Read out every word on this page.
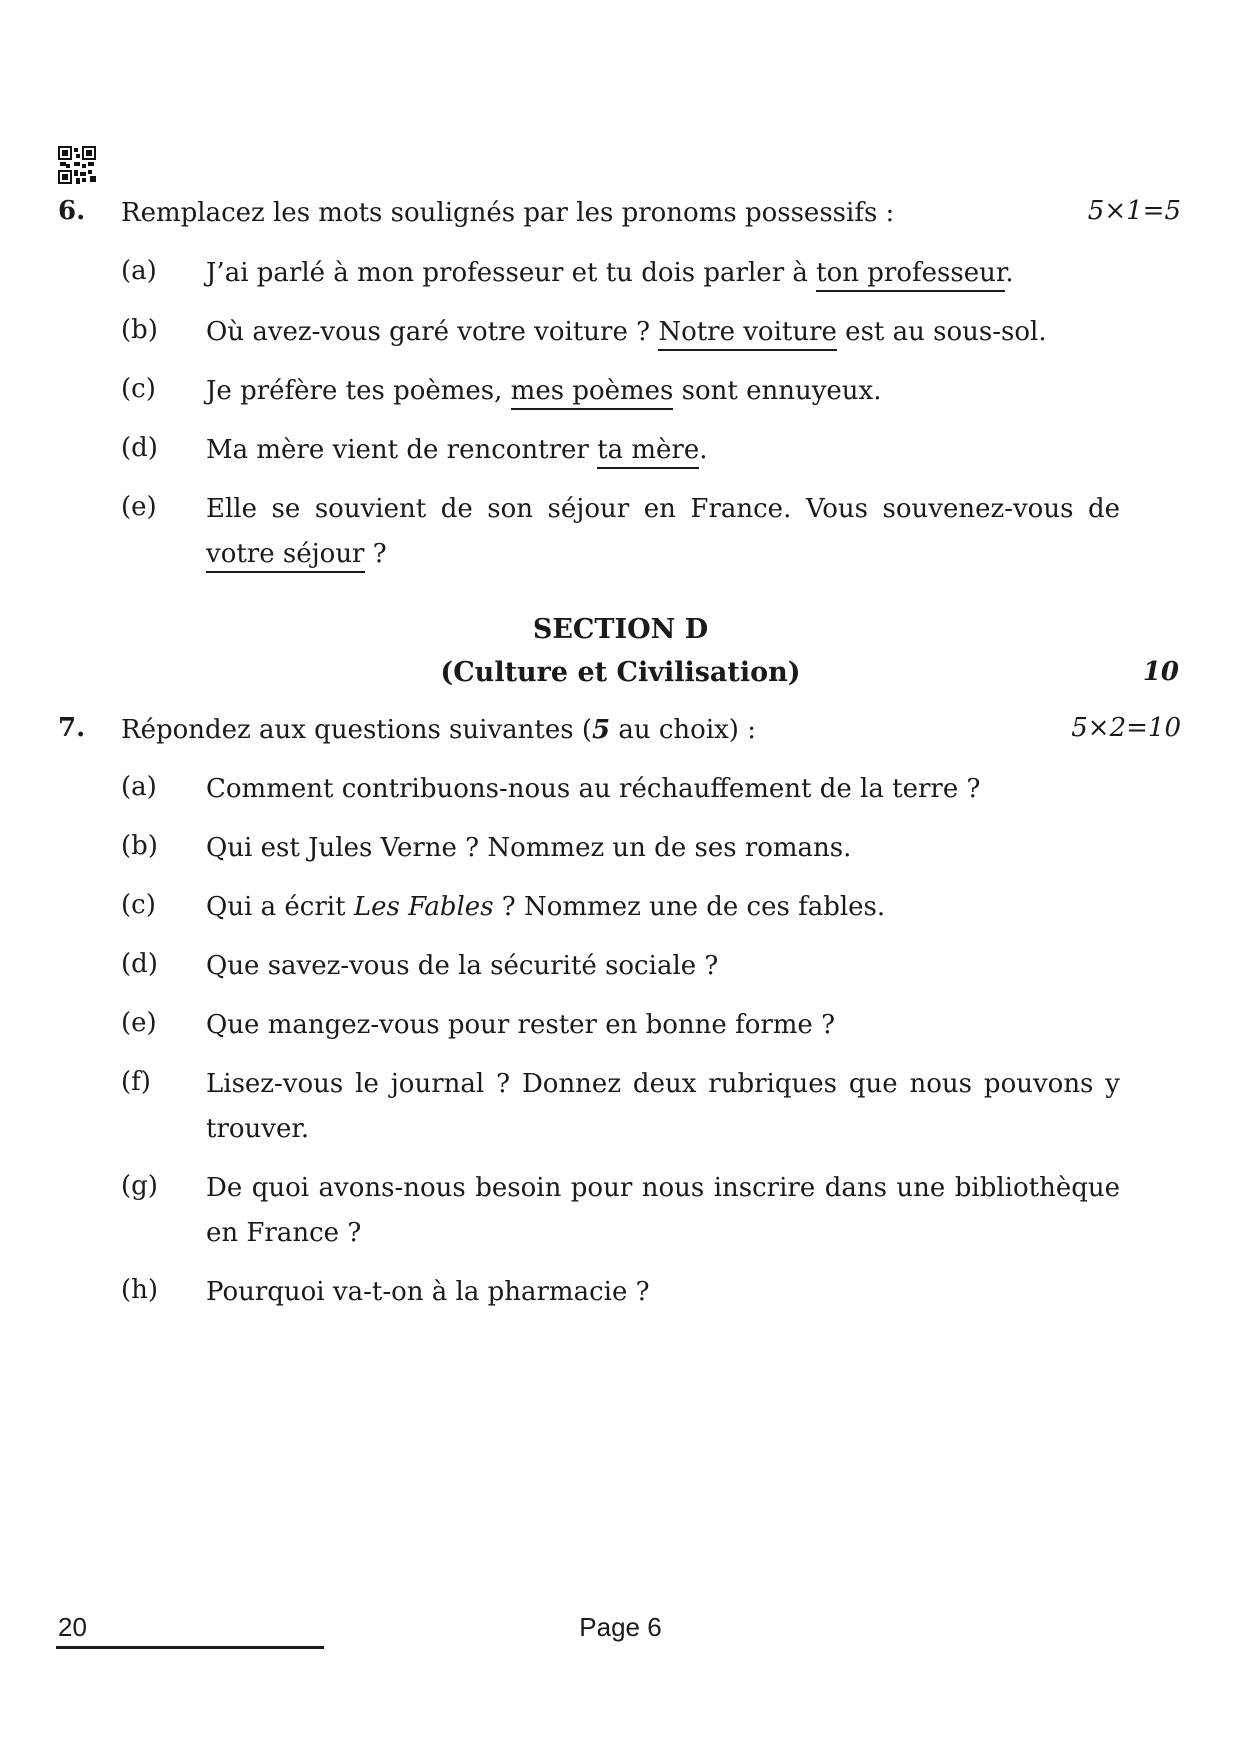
6. Remplacez les mots soulignés par les pronoms possessifs :	5×1=5
(a) J’ai parlé à mon professeur et tu dois parler à ton professeur.
(b) Où avez-vous garé votre voiture ? Notre voiture est au sous-sol.
(c) Je préfère tes poèmes, mes poèmes sont ennuyeux.
(d) Ma mère vient de rencontrer ta mère.
(e) Elle se souvient de son séjour en France. Vous souvenez-vous de
votre séjour ?
SECTION D
(Culture et Civilisation)	10
7. Répondez aux questions suivantes (5 au choix) :	5×2=10
(a) Comment contribuons-nous au réchauffement de la terre ?
(b) Qui est Jules Verne ? Nommez un de ses romans.
(c) Qui a écrit Les Fables ? Nommez une de ces fables.
(d) Que savez-vous de la sécurité sociale ?
(e) Que mangez-vous pour rester en bonne forme ?
(f) Lisez-vous le journal ? Donnez deux rubriques que nous pouvons y
trouver.
(g) De quoi avons-nous besoin pour nous inscrire dans une bibliothèque
en France ?
(h) Pourquoi va-t-on à la pharmacie ?
20	Page 6
